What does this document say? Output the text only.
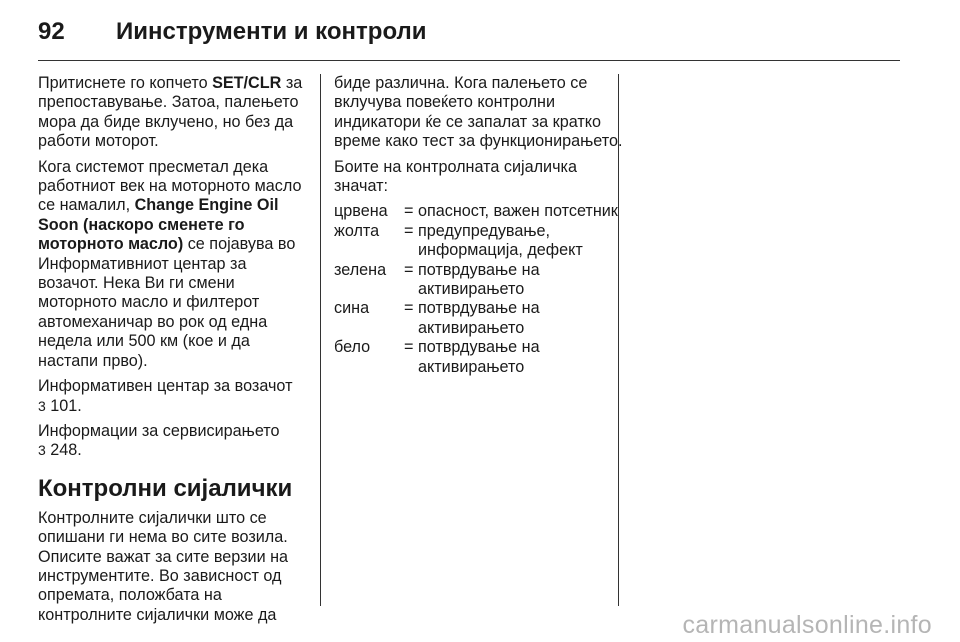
92	Иинструменти и контроли

Притиснете го копчето SET/CLR за препоставување. Затоа, палењето мора да биде вклучено, но без да работи моторот.

Кога системот пресметал дека работниот век на моторното масло се намалил, Change Engine Oil Soon (наскоро сменете го моторното масло) се појавува во Информативниот центар за возачот. Нека Ви ги смени моторното масло и филтерот автомеханичар во рок од една недела или 500 км (кое и да настапи прво).

Информативен центар за возачот
3 101.

Информации за сервисирањето
3 248.

Контролни сијалички

Контролните сијалички што се опишани ги нема во сите возила. Описите важат за сите верзии на инструментите. Во зависност од опремата, положбата на контролните сијалички може да

биде различна. Кога палењето се вклучува повеќето контролни индикатори ќе се запалат за кратко време како тест за функционирањето.

Боите на контролната сијаличка значат:

црвена	= опасност, важен потсетник
жолта	= предупредување, информација, дефект
зелена	= потврдување на активирањето
сина	= потврдување на активирањето
бело	= потврдување на активирањето
carmanualsonline.info
